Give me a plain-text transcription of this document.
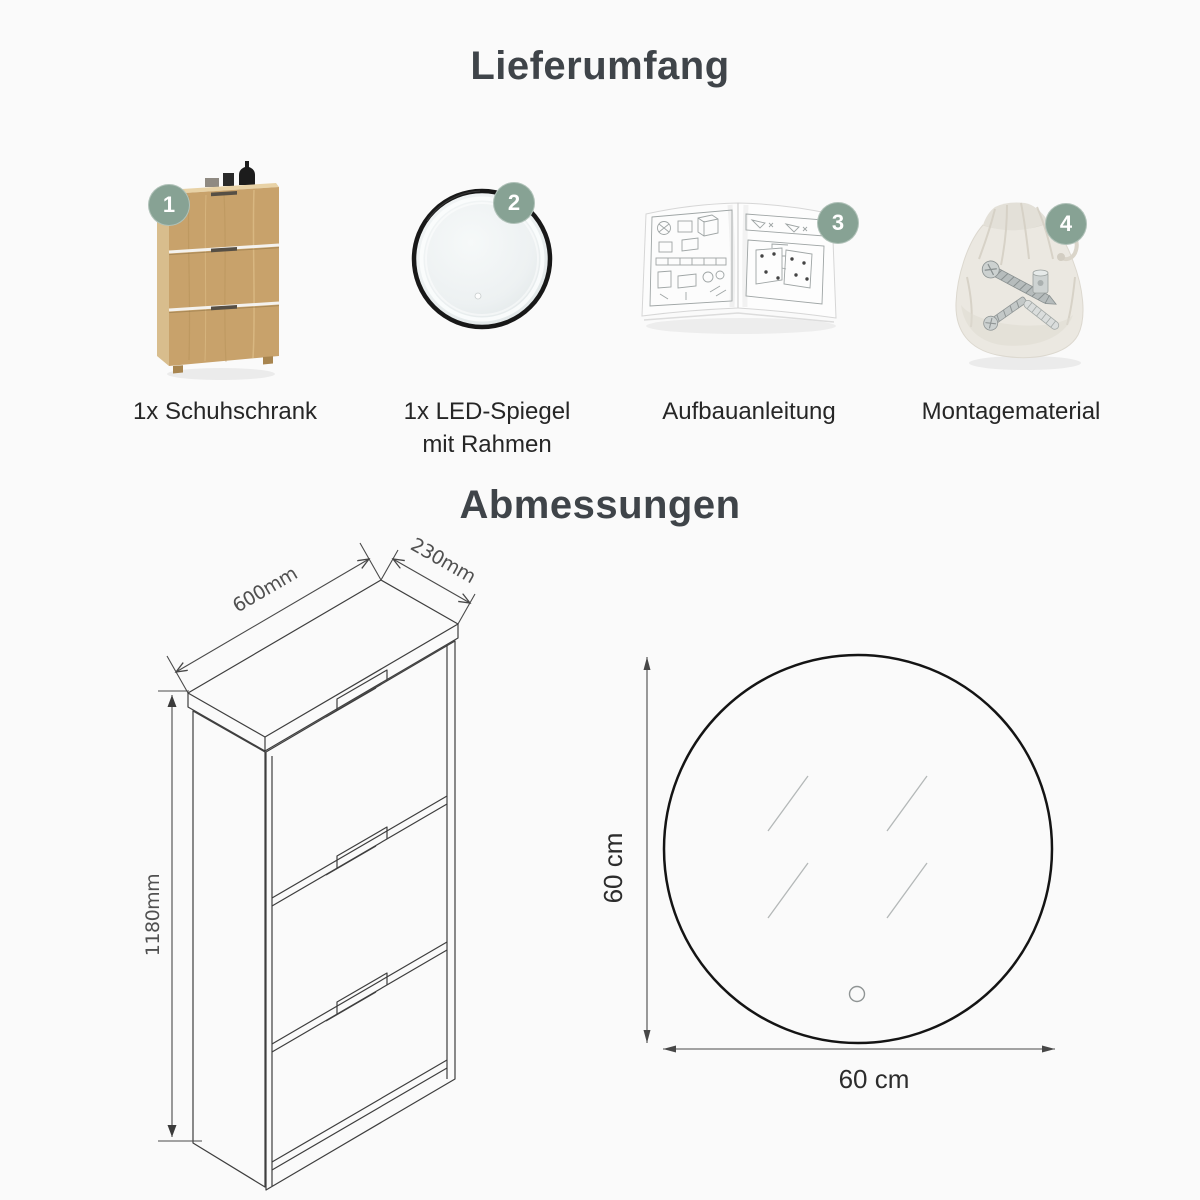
Lieferumfang
1
1x Schuhschrank
2
1x LED-Spiegel
mit Rahmen
3
Aufbauanleitung
4
Montagematerial
Abmessungen
600mm
230mm
1180mm
60 cm
60 cm
